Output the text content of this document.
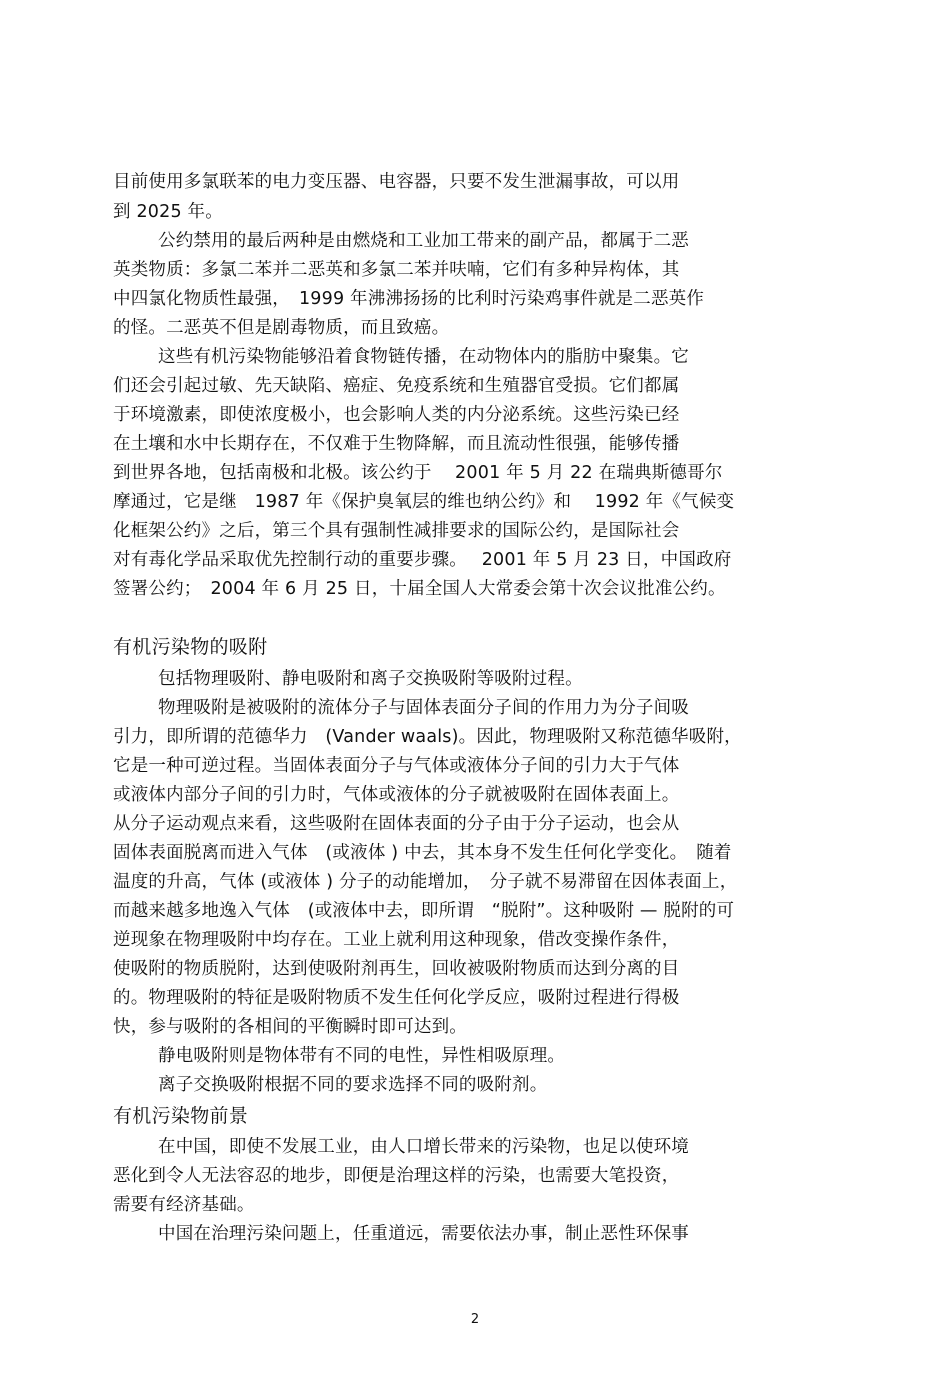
目前使用多氯联苯的电力变压器、电容器，只要不发生泄漏事故，可以用
到 2025 年。
公约禁用的最后两种是由燃烧和工业加工带来的副产品，都属于二恶
英类物质：多氯二苯并二恶英和多氯二苯并呋喃，它们有多种异构体，其
中四氯化物质性最强，　1999 年沸沸扬扬的比利时污染鸡事件就是二恶英作
的怪。二恶英不但是剧毒物质，而且致癌。
这些有机污染物能够沿着食物链传播，在动物体内的脂肪中聚集。它
们还会引起过敏、先天缺陷、癌症、免疫系统和生殖器官受损。它们都属
于环境激素，即使浓度极小，也会影响人类的内分泌系统。这些污染已经
在土壤和水中长期存在，不仅难于生物降解，而且流动性很强，能够传播
到世界各地，包括南极和北极。该公约于　 2001 年 5 月 22 在瑞典斯德哥尔
摩通过，它是继　1987 年《保护臭氧层的维也纳公约》和　 1992 年《气候变
化框架公约》之后，第三个具有强制性减排要求的国际公约，是国际社会
对有毒化学品采取优先控制行动的重要步骤。　 2001 年 5 月 23 日，中国政府
签署公约；　2004 年 6 月 25 日，十届全国人大常委会第十次会议批准公约。
有机污染物的吸附
包括物理吸附、静电吸附和离子交换吸附等吸附过程。
物理吸附是被吸附的流体分子与固体表面分子间的作用力为分子间吸
引力，即所谓的范德华力　(Vander waals)。因此，物理吸附又称范德华吸附，
它是一种可逆过程。当固体表面分子与气体或液体分子间的引力大于气体
或液体内部分子间的引力时，气体或液体的分子就被吸附在固体表面上。
从分子运动观点来看，这些吸附在固体表面的分子由于分子运动，也会从
固体表面脱离而进入气体　(或液体 ) 中去，其本身不发生任何化学变化。　随着
温度的升高，气体 (或液体 ) 分子的动能增加，　分子就不易滞留在因体表面上，
而越来越多地逸入气体　(或液体中去，即所谓　“脱附”。这种吸附 — 脱附的可
逆现象在物理吸附中均存在。工业上就利用这种现象，借改变操作条件，
使吸附的物质脱附，达到使吸附剂再生，回收被吸附物质而达到分离的目
的。物理吸附的特征是吸附物质不发生任何化学反应，吸附过程进行得极
快，参与吸附的各相间的平衡瞬时即可达到。
静电吸附则是物体带有不同的电性，异性相吸原理。
离子交换吸附根据不同的要求选择不同的吸附剂。
有机污染物前景
在中国，即使不发展工业，由人口增长带来的污染物，也足以使环境
恶化到令人无法容忍的地步，即便是治理这样的污染，也需要大笔投资，
需要有经济基础。
中国在治理污染问题上，任重道远，需要依法办事，制止恶性环保事
2
